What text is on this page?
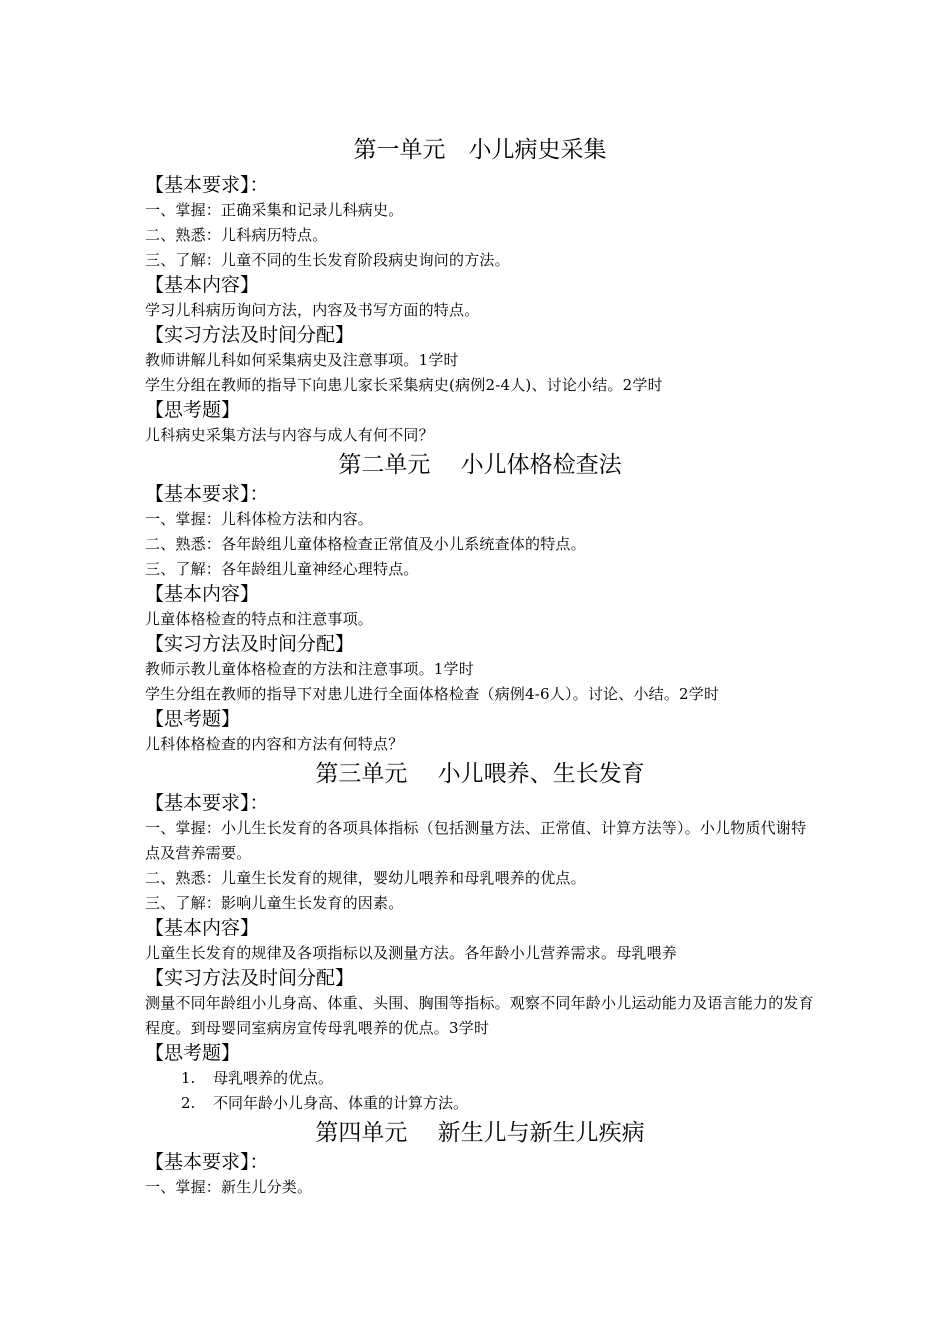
第一单元　小儿病史采集
【基本要求】：
一、掌握：正确采集和记录儿科病史。
二、熟悉：儿科病历特点。
三、了解：儿童不同的生长发育阶段病史询问的方法。
【基本内容】
学习儿科病历询问方法，内容及书写方面的特点。
【实习方法及时间分配】
教师讲解儿科如何采集病史及注意事项。1学时
学生分组在教师的指导下向患儿家长采集病史(病例2-4人)、讨论小结。2学时
【思考题】
儿科病史采集方法与内容与成人有何不同？
第二单元　 小儿体格检查法
【基本要求】：
一、掌握：儿科体检方法和内容。
二、熟悉：各年龄组儿童体格检查正常值及小儿系统查体的特点。
三、了解：各年龄组儿童神经心理特点。
【基本内容】
儿童体格检查的特点和注意事项。
【实习方法及时间分配】
教师示教儿童体格检查的方法和注意事项。1学时
学生分组在教师的指导下对患儿进行全面体格检查（病例4-6人）。讨论、小结。2学时
【思考题】
儿科体格检查的内容和方法有何特点？
第三单元　 小儿喂养、生长发育
【基本要求】：
一、掌握：小儿生长发育的各项具体指标（包括测量方法、正常值、计算方法等）。小儿物质代谢特点及营养需要。
二、熟悉：儿童生长发育的规律，婴幼儿喂养和母乳喂养的优点。
三、了解：影响儿童生长发育的因素。
【基本内容】
儿童生长发育的规律及各项指标以及测量方法。各年龄小儿营养需求。母乳喂养
【实习方法及时间分配】
测量不同年龄组小儿身高、体重、头围、胸围等指标。观察不同年龄小儿运动能力及语言能力的发育程度。到母婴同室病房宣传母乳喂养的优点。3学时
【思考题】
1.	母乳喂养的优点。
2.	不同年龄小儿身高、体重的计算方法。
第四单元　 新生儿与新生儿疾病
【基本要求】：
一、掌握：新生儿分类。
